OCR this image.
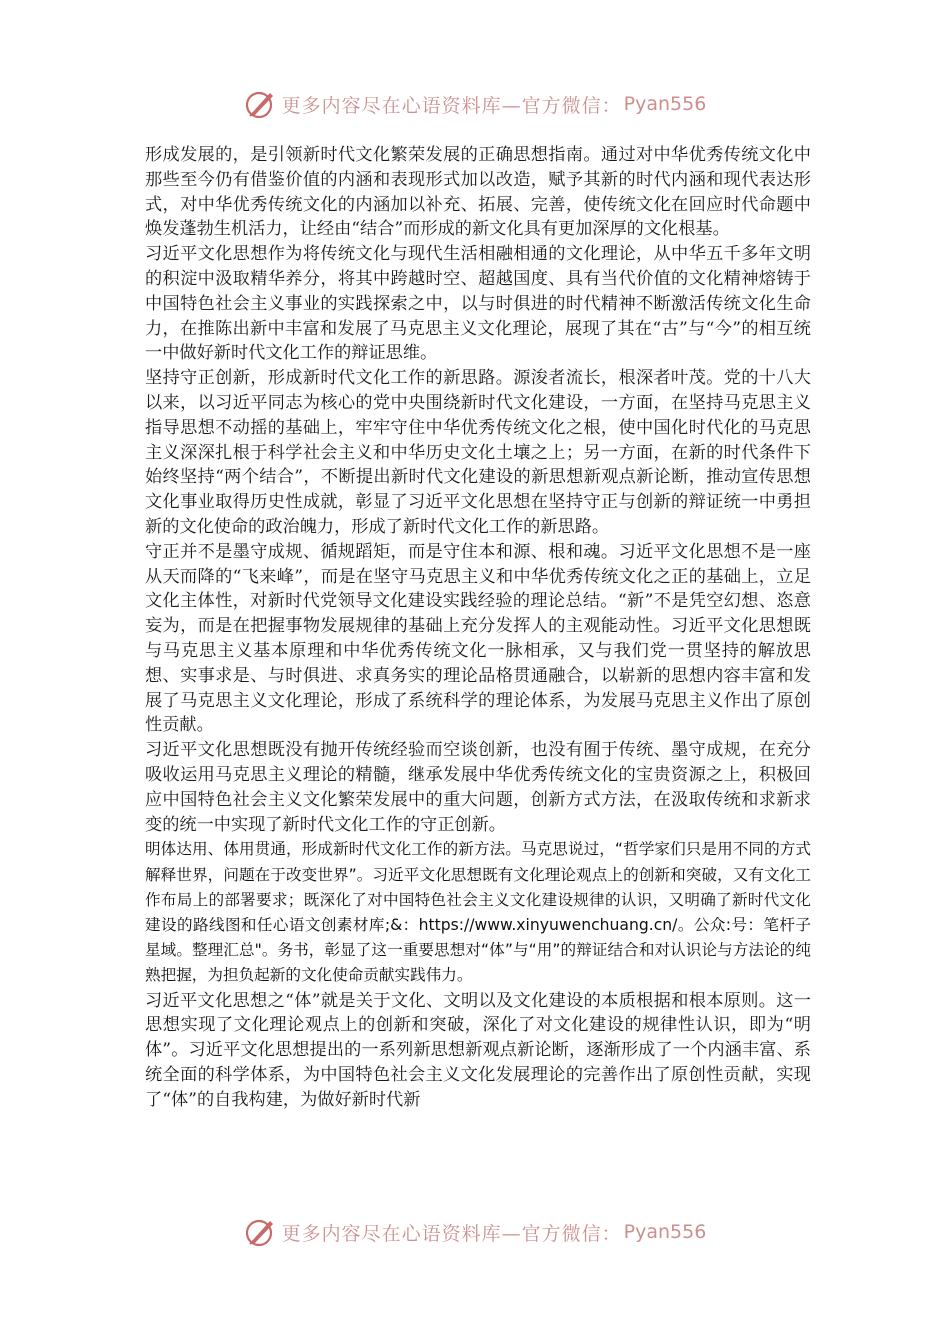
更多内容尽在心语资料库—官方微信： Pyan556

形成发展的，是引领新时代文化繁荣发展的正确思想指南。通过对中华优秀传统文化中那些至今仍有借鉴价值的内涵和表现形式加以改造，赋予其新的时代内涵和现代表达形式，对中华优秀传统文化的内涵加以补充、拓展、完善，使传统文化在回应时代命题中焕发蓬勃生机活力，让经由“结合”而形成的新文化具有更加深厚的文化根基。

习近平文化思想作为将传统文化与现代生活相融相通的文化理论，从中华五千多年文明的积淀中汲取精华养分，将其中跨越时空、超越国度、具有当代价值的文化精神熔铸于中国特色社会主义事业的实践探索之中，以与时俱进的时代精神不断激活传统文化生命力，在推陈出新中丰富和发展了马克思主义文化理论，展现了其在“古”与“今”的相互统一中做好新时代文化工作的辩证思维。

坚持守正创新，形成新时代文化工作的新思路。源浚者流长，根深者叶茂。党的十八大以来，以习近平同志为核心的党中央围绕新时代文化建设，一方面，在坚持马克思主义指导思想不动摇的基础上，牢牢守住中华优秀传统文化之根，使中国化时代化的马克思主义深深扎根于科学社会主义和中华历史文化土壤之上；另一方面，在新的时代条件下始终坚持“两个结合”，不断提出新时代文化建设的新思想新观点新论断，推动宣传思想文化事业取得历史性成就，彰显了习近平文化思想在坚持守正与创新的辩证统一中勇担新的文化使命的政治魄力，形成了新时代文化工作的新思路。

守正并不是墨守成规、循规蹈矩，而是守住本和源、根和魂。习近平文化思想不是一座从天而降的“飞来峰”，而是在坚守马克思主义和中华优秀传统文化之正的基础上，立足文化主体性，对新时代党领导文化建设实践经验的理论总结。“新”不是凭空幻想、恣意妄为，而是在把握事物发展规律的基础上充分发挥人的主观能动性。习近平文化思想既与马克思主义基本原理和中华优秀传统文化一脉相承，又与我们党一贯坚持的解放思想、实事求是、与时俱进、求真务实的理论品格贯通融合，以崭新的思想内容丰富和发展了马克思主义文化理论，形成了系统科学的理论体系，为发展马克思主义作出了原创性贡献。

习近平文化思想既没有抛开传统经验而空谈创新，也没有囿于传统、墨守成规，在充分吸收运用马克思主义理论的精髓，继承发展中华优秀传统文化的宝贵资源之上，积极回应中国特色社会主义文化繁荣发展中的重大问题，创新方式方法，在汲取传统和求新求变的统一中实现了新时代文化工作的守正创新。

明体达用、体用贯通，形成新时代文化工作的新方法。马克思说过，“哲学家们只是用不同的方式解释世界，问题在于改变世界”。习近平文化思想既有文化理论观点上的创新和突破，又有文化工作布局上的部署要求；既深化了对中国特色社会主义文化建设规律的认识，又明确了新时代文化建设的路线图和任心语文创素材库;&：https://www.xinyuwenchuang.cn/。公众:号：笔杆子星域。整理汇总"。务书，彰显了这一重要思想对“体”与“用”的辩证结合和对认识论与方法论的纯熟把握，为担负起新的文化使命贡献实践伟力。

习近平文化思想之“体”就是关于文化、文明以及文化建设的本质根据和根本原则。这一思想实现了文化理论观点上的创新和突破，深化了对文化建设的规律性认识，即为“明体”。习近平文化思想提出的一系列新思想新观点新论断，逐渐形成了一个内涵丰富、系统全面的科学体系，为中国特色社会主义文化发展理论的完善作出了原创性贡献，实现了“体”的自我构建，为做好新时代新

更多内容尽在心语资料库—官方微信： Pyan556
